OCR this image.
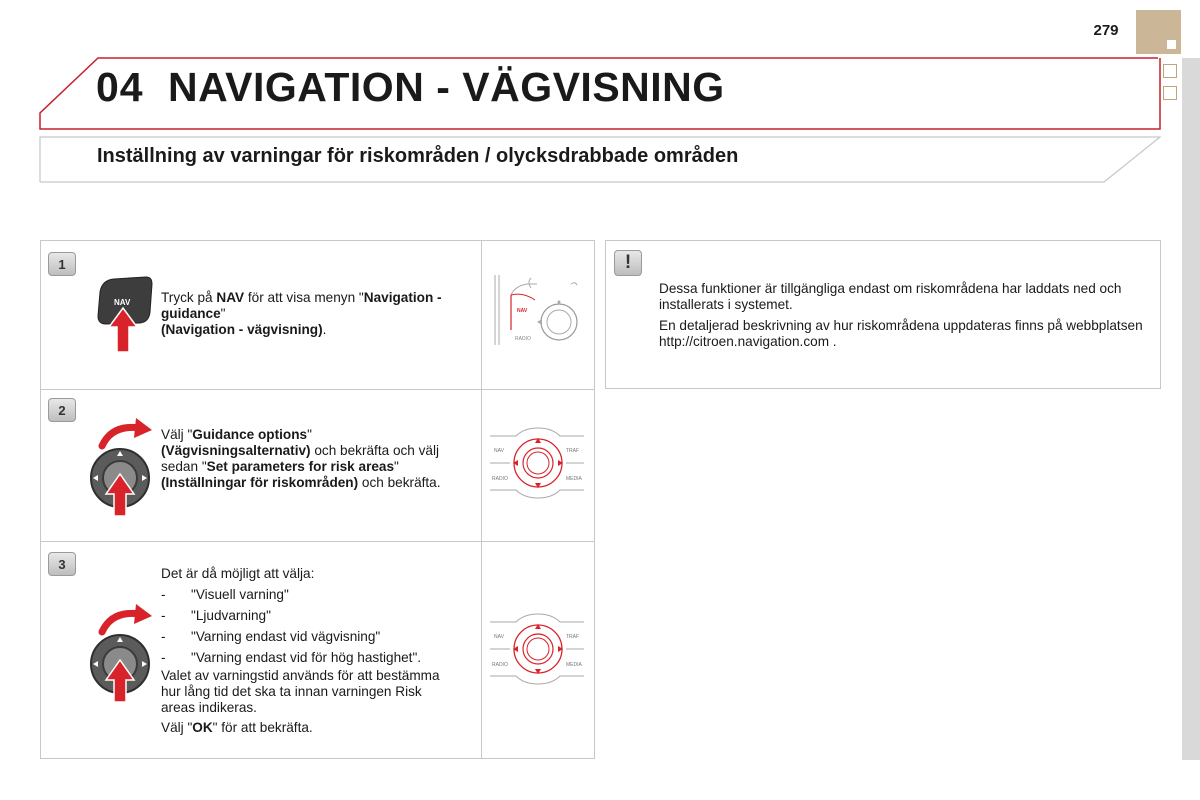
279
04 NAVIGATION - VÄGVISNING
Inställning av varningar för riskområden / olycksdrabbade områden
1
NAV Tryck på NAV för att visa menyn "Navigation - guidance"
(Navigation - vägvisning).
NAV
RADIO
2
Välj "Guidance options"
(Vägvisningsalternativ) och bekräfta och välj sedan "Set parameters for risk areas" (Inställningar för riskområden) och bekräfta.
NAV	TRAF
RADIO	MEDIA
3
Det är då möjligt att välja:
- "Visuell varning"
- "Ljudvarning"
- "Varning endast vid vägvisning"
- "Varning endast vid för hög hastighet".
Valet av varningstid används för att bestämma hur lång tid det ska ta innan varningen Risk areas indikeras.
Välj "OK" för att bekräfta.
NAV	TRAF
RADIO	MEDIA
!

Dessa funktioner är tillgängliga endast om riskområdena har laddats ned och installerats i systemet.

En detaljerad beskrivning av hur riskområdena uppdateras finns på webbplatsen http://citroen.navigation.com .
